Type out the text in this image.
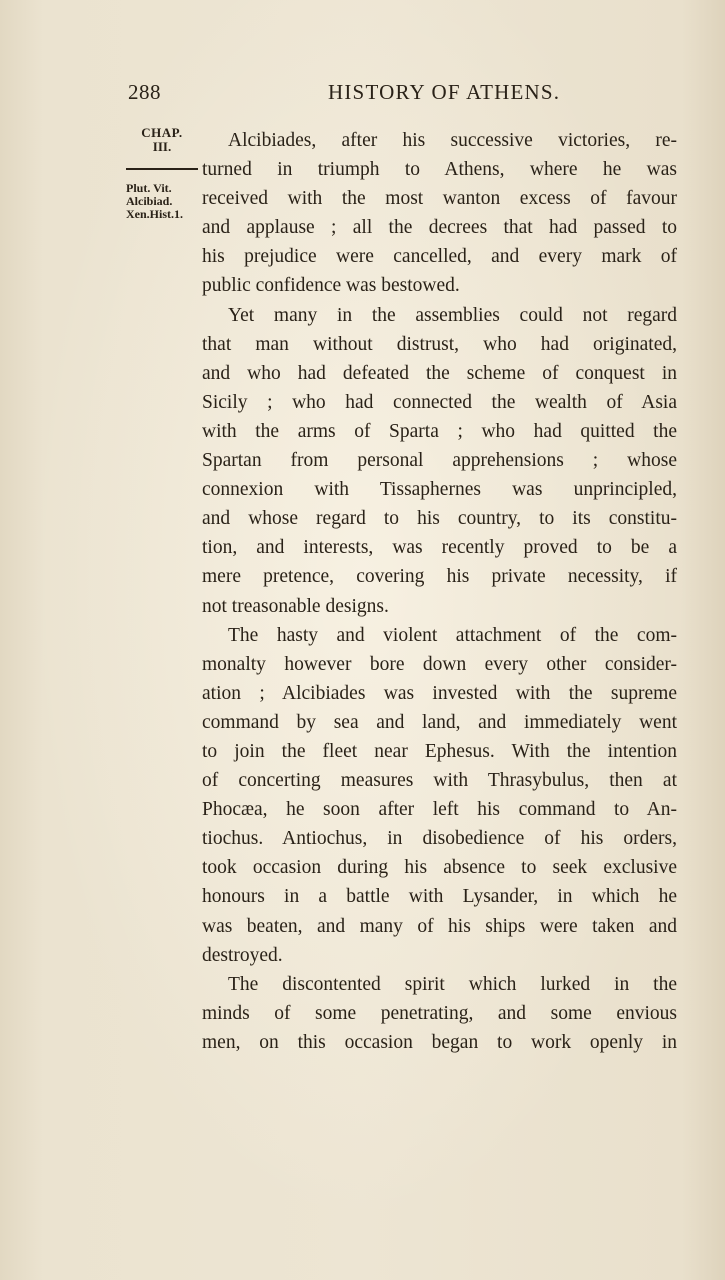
288	HISTORY OF ATHENS.
CHAP.
III.
Plut. Vit.
Alcibiad.
Xen.Hist.1.
Alcibiades, after his successive victories, re-
turned in triumph to Athens, where he was
received with the most wanton excess of favour
and applause ; all the decrees that had passed to
his prejudice were cancelled, and every mark of
public confidence was bestowed.
Yet many in the assemblies could not regard
that man without distrust, who had originated,
and who had defeated the scheme of conquest in
Sicily ; who had connected the wealth of Asia
with the arms of Sparta ; who had quitted the
Spartan from personal apprehensions ; whose
connexion with Tissaphernes was unprincipled,
and whose regard to his country, to its constitu-
tion, and interests, was recently proved to be a
mere pretence, covering his private necessity, if
not treasonable designs.
The hasty and violent attachment of the com-
monalty however bore down every other consider-
ation ; Alcibiades was invested with the supreme
command by sea and land, and immediately went
to join the fleet near Ephesus. With the intention
of concerting measures with Thrasybulus, then at
Phocæa, he soon after left his command to An-
tiochus. Antiochus, in disobedience of his orders,
took occasion during his absence to seek exclusive
honours in a battle with Lysander, in which he
was beaten, and many of his ships were taken and
destroyed.
The discontented spirit which lurked in the
minds of some penetrating, and some envious
men, on this occasion began to work openly in
